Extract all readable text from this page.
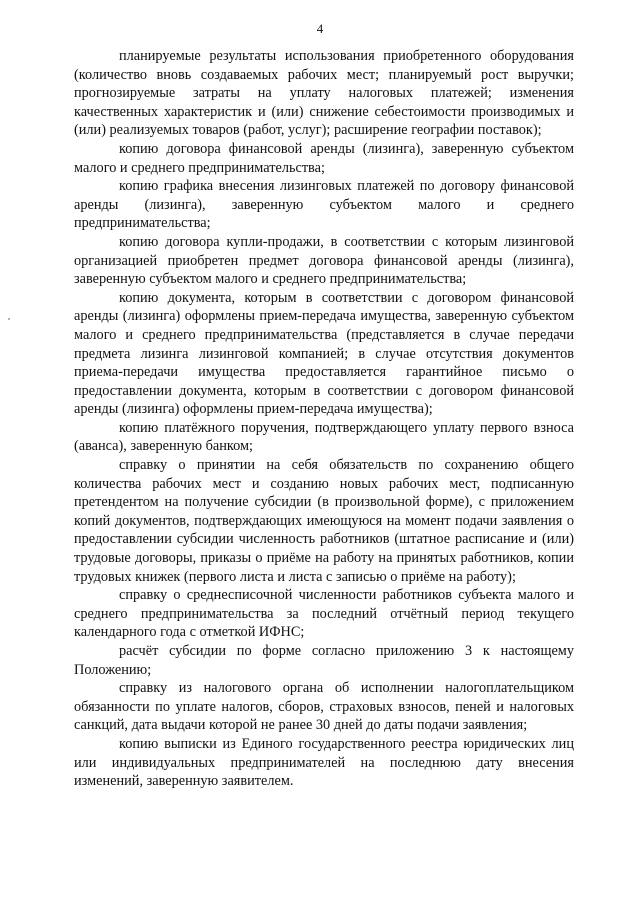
4

планируемые результаты использования приобретенного оборудования (количество вновь создаваемых рабочих мест; планируемый рост выручки; прогнозируемые затраты на уплату налоговых платежей; изменения качественных характеристик и (или) снижение себестоимости производимых и (или) реализуемых товаров (работ, услуг); расширение географии поставок);

копию договора финансовой аренды (лизинга), заверенную субъектом малого и среднего предпринимательства;

копию графика внесения лизинговых платежей по договору финансовой аренды (лизинга), заверенную субъектом малого и среднего предпринимательства;

копию договора купли-продажи, в соответствии с которым лизинговой организацией приобретен предмет договора финансовой аренды (лизинга), заверенную субъектом малого и среднего предпринимательства;

копию документа, которым в соответствии с договором финансовой аренды (лизинга) оформлены прием-передача имущества, заверенную субъектом малого и среднего предпринимательства (представляется в случае передачи предмета лизинга лизинговой компанией; в случае отсутствия документов приема-передачи имущества предоставляется гарантийное письмо о предоставлении документа, которым в соответствии с договором финансовой аренды (лизинга) оформлены прием-передача имущества);

копию платёжного поручения, подтверждающего уплату первого взноса (аванса), заверенную банком;

справку о принятии на себя обязательств по сохранению общего количества рабочих мест и созданию новых рабочих мест, подписанную претендентом на получение субсидии (в произвольной форме), с приложением копий документов, подтверждающих имеющуюся на момент подачи заявления о предоставлении субсидии численность работников (штатное расписание и (или) трудовые договоры, приказы о приёме на работу на принятых работников, копии трудовых книжек (первого листа и листа с записью о приёме на работу);

справку о среднесписочной численности работников субъекта малого и среднего предпринимательства за последний отчётный период текущего календарного года с отметкой ИФНС;

расчёт субсидии по форме согласно приложению 3 к настоящему Положению;

справку из налогового органа об исполнении налогоплательщиком обязанности по уплате налогов, сборов, страховых взносов, пеней и налоговых санкций, дата выдачи которой не ранее 30 дней до даты подачи заявления;

копию выписки из Единого государственного реестра юридических лиц или индивидуальных предпринимателей на последнюю дату внесения изменений, заверенную заявителем.
